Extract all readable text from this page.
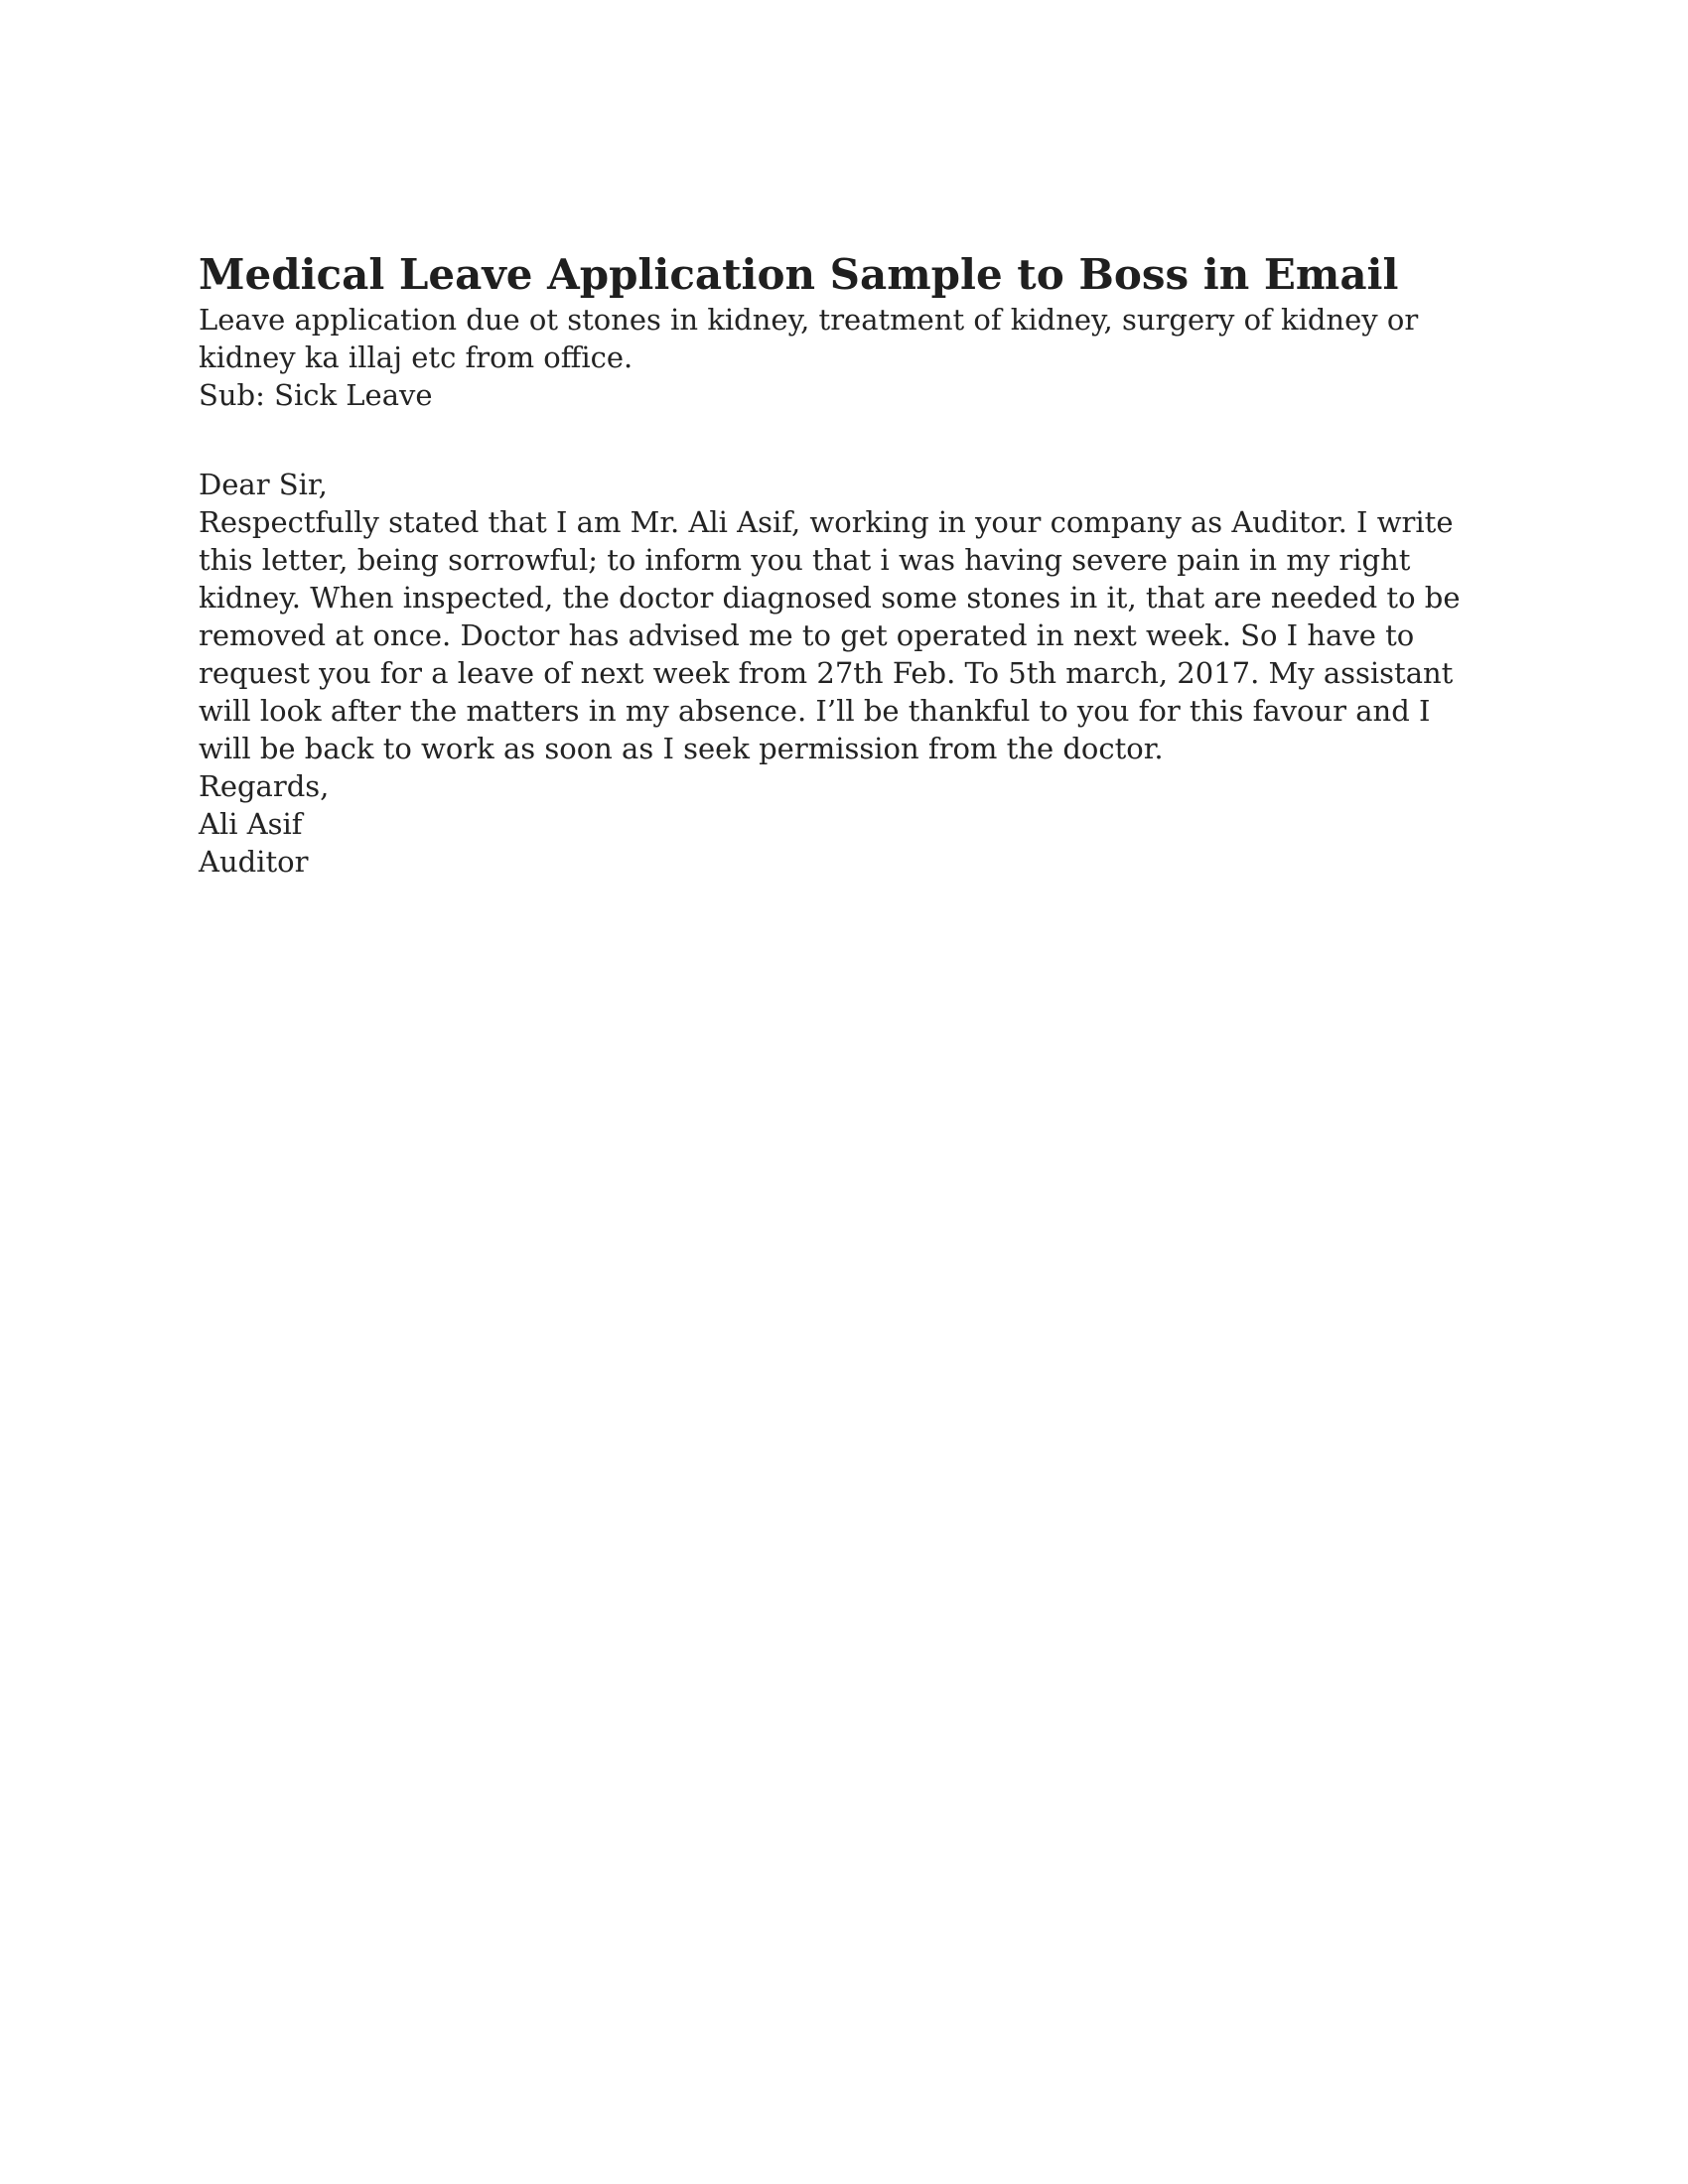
Medical Leave Application Sample to Boss in Email

Leave application due ot stones in kidney, treatment of kidney, surgery of kidney or kidney ka illaj etc from office.

Sub: Sick Leave

Dear Sir,
Respectfully stated that I am Mr. Ali Asif, working in your company as Auditor. I write this letter, being sorrowful; to inform you that i was having severe pain in my right kidney. When inspected, the doctor diagnosed some stones in it, that are needed to be removed at once. Doctor has advised me to get operated in next week. So I have to request you for a leave of next week from 27th Feb. To 5th march, 2017. My assistant will look after the matters in my absence. I’ll be thankful to you for this favour and I will be back to work as soon as I seek permission from the doctor.

Regards,

Ali Asif

Auditor
